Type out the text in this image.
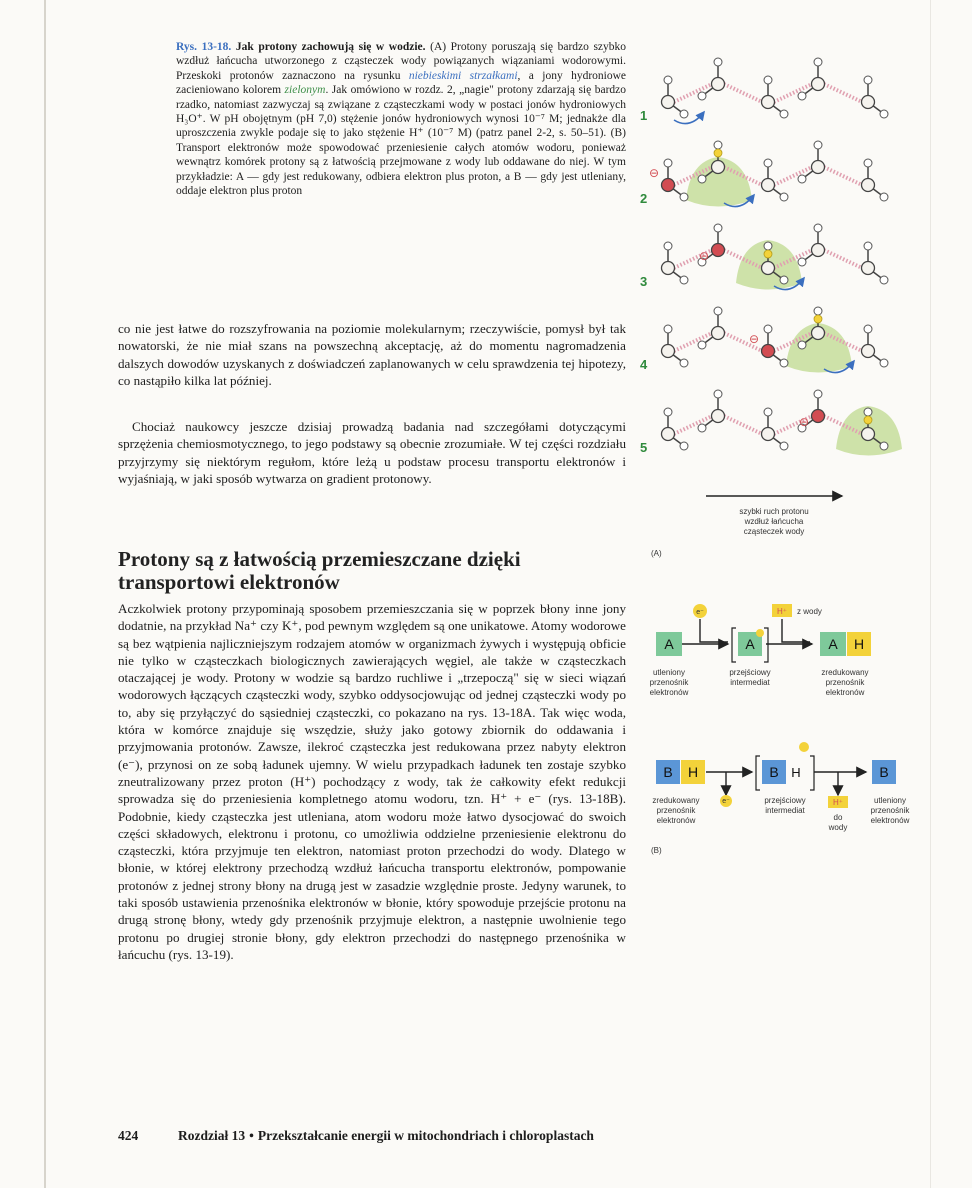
Rys. 13-18. Jak protony zachowują się w wodzie. (A) Protony poruszają się bardzo szybko wzdłuż łańcucha utworzonego z cząsteczek wody powiązanych wiązaniami wodorowymi. Przeskoki protonów zaznaczono na rysunku niebieskimi strzałkami, a jony hydroniowe zacieniowano kolorem zielonym. Jak omówiono w rozdz. 2, „nagie" protony zdarzają się bardzo rzadko, natomiast zazwyczaj są związane z cząsteczkami wody w postaci jonów hydroniowych H₃O⁺. W pH obojętnym (pH 7,0) stężenie jonów hydroniowych wynosi 10⁻⁷ M; jednakże dla uproszczenia zwykle podaje się to jako stężenie H⁺ (10⁻⁷ M) (patrz panel 2-2, s. 50–51). (B) Transport elektronów może spowodować przeniesienie całych atomów wodoru, ponieważ wewnątrz komórek protony są z łatwością przejmowane z wody lub oddawane do niej. W tym przykładzie: A — gdy jest redukowany, odbiera elektron plus proton, a B — gdy jest utleniany, oddaje elektron plus proton
co nie jest łatwe do rozszyfrowania na poziomie molekularnym; rzeczywiście, pomysł był tak nowatorski, że nie miał szans na powszechną akceptację, aż do momentu nagromadzenia dalszych dowodów uzyskanych z doświadczeń zaplanowanych w celu sprawdzenia tej hipotezy, co nastąpiło kilka lat później.
Chociaż naukowcy jeszcze dzisiaj prowadzą badania nad szczegółami dotyczącymi sprzężenia chemiosmotycznego, to jego podstawy są obecnie zrozumiałe. W tej części rozdziału przyjrzymy się niektórym regułom, które leżą u podstaw procesu transportu elektronów i wyjaśniają, w jaki sposób wytwarza on gradient protonowy.
Protony są z łatwością przemieszczane dzięki transportowi elektronów
Aczkolwiek protony przypominają sposobem przemieszczania się w poprzek błony inne jony dodatnie, na przykład Na⁺ czy K⁺, pod pewnym względem są one unikatowe. Atomy wodorowe są bez wątpienia najliczniejszym rodzajem atomów w organizmach żywych i występują obficie nie tylko w cząsteczkach biologicznych zawierających węgiel, ale także w cząsteczkach otaczającej je wody. Protony w wodzie są bardzo ruchliwe i „trzepoczą" się w sieci wiązań wodorowych łączących cząsteczki wody, szybko oddysocjowując od jednej cząsteczki wody po to, aby się przyłączyć do sąsiedniej cząsteczki, co pokazano na rys. 13-18A. Tak więc woda, która w komórce znajduje się wszędzie, służy jako gotowy zbiornik do oddawania i przyjmowania protonów. Zawsze, ilekroć cząsteczka jest redukowana przez nabyty elektron (e⁻), przynosi on ze sobą ładunek ujemny. W wielu przypadkach ładunek ten zostaje szybko zneutralizowany przez proton (H⁺) pochodzący z wody, tak że całkowity efekt redukcji sprowadza się do przeniesienia kompletnego atomu wodoru, tzn. H⁺ + e⁻ (rys. 13-18B). Podobnie, kiedy cząsteczka jest utleniana, atom wodoru może łatwo dysocjować do swoich części składowych, elektronu i protonu, co umożliwia oddzielne przeniesienie elektronu do cząsteczki, która przyjmuje ten elektron, natomiast proton przechodzi do wody. Dlatego w błonie, w której elektrony przechodzą wzdłuż łańcucha transportu elektronów, pompowanie protonów z jednej strony błony na drugą jest w zasadzie względnie proste. Jedyny warunek, to taki sposób ustawienia przenośnika elektronów w błonie, który spowoduje przejście protonu na drugą stronę błony, wtedy gdy przenośnik przyjmuje elektron, a następnie uwolnienie tego protonu po drugiej stronie błony, gdy elektron przechodzi do następnego przenośnika w łańcuchu (rys. 13-19).
⊖
⊖
⊖
⊖
1
2
3
4
5
szybki ruch protonu
wzdłuż łańcucha
cząsteczek wody
(A)
e⁻	H⁺ z wody
A	A	A H
utleniony
przenośnik
elektronów
przejściowy
intermediat
zredukowany
przenośnik
elektronów
B H	B H	B
e⁻	H⁺
do
wody
zredukowany
przenośnik
elektronów
przejściowy
intermediat
utleniony
przenośnik
elektronów
(B)
424	Rozdział 13 • Przekształcanie energii w mitochondriach i chloroplastach
